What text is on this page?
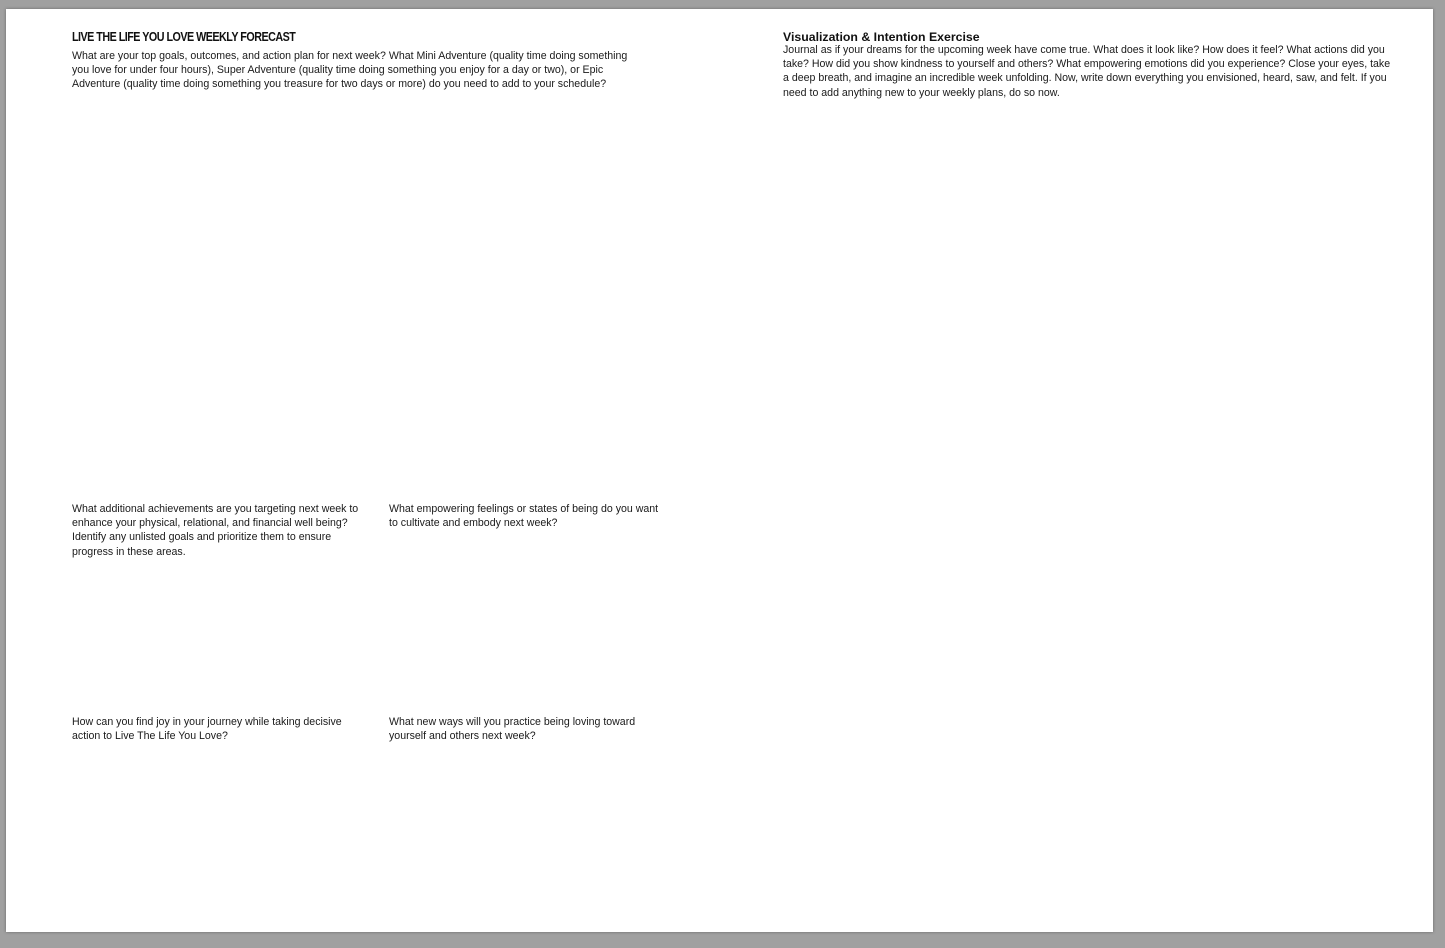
LIVE THE LIFE YOU LOVE WEEKLY FORECAST
What are your top goals, outcomes, and action plan for next week? What Mini Adventure (quality time doing something you love for under four hours), Super Adventure (quality time doing something you enjoy for a day or two), or Epic Adventure (quality time doing something you treasure for two days or more) do you need to add to your schedule?
What additional achievements are you targeting next week to enhance your physical, relational, and financial well being? Identify any unlisted goals and prioritize them to ensure progress in these areas.
What empowering feelings or states of being do you want to cultivate and embody next week?
How can you find joy in your journey while taking decisive action to Live The Life You Love?
What new ways will you practice being loving toward yourself and others next week?
Visualization & Intention Exercise
Journal as if your dreams for the upcoming week have come true. What does it look like? How does it feel? What actions did you take? How did you show kindness to yourself and others? What empowering emotions did you experience? Close your eyes, take a deep breath, and imagine an incredible week unfolding. Now, write down everything you envisioned, heard, saw, and felt. If you need to add anything new to your weekly plans, do so now.
